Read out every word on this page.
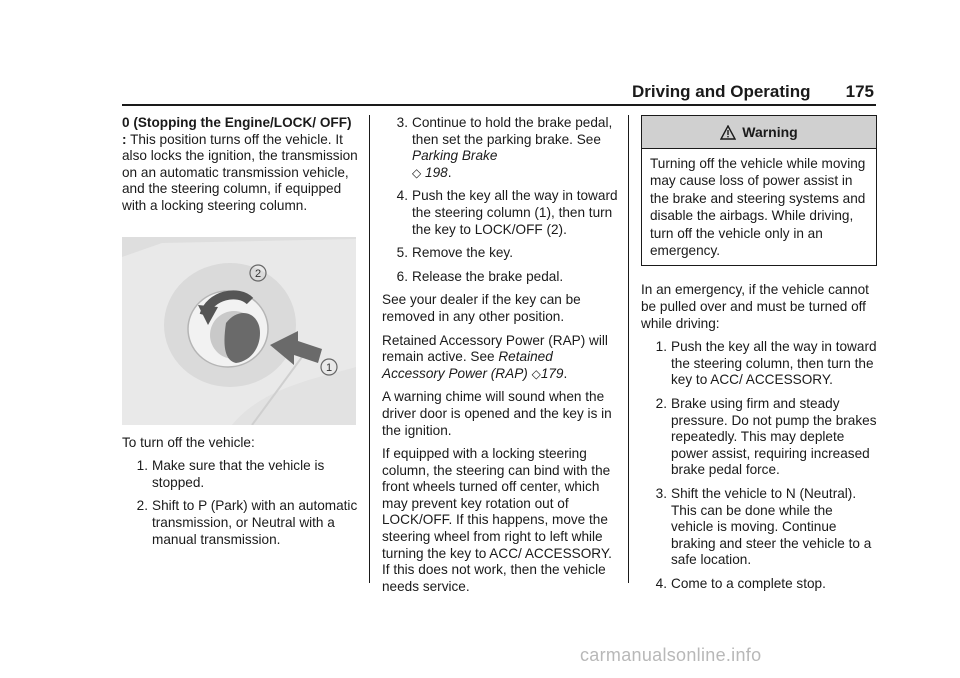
Driving and Operating 175

0 (Stopping the Engine/LOCK/ OFF) : This position turns off the vehicle. It also locks the ignition, the transmission on an automatic transmission vehicle, and the steering column, if equipped with a locking steering column.

2
1

To turn off the vehicle:

1. Make sure that the vehicle is stopped.
2. Shift to P (Park) with an automatic transmission, or Neutral with a manual transmission.
3. Continue to hold the brake pedal, then set the parking brake. See Parking Brake
◇ 198.
4. Push the key all the way in toward the steering column (1), then turn the key to LOCK/OFF (2).
5. Remove the key.
6. Release the brake pedal.

See your dealer if the key can be removed in any other position.

Retained Accessory Power (RAP) will remain active. See Retained Accessory Power (RAP) ◇179.

A warning chime will sound when the driver door is opened and the key is in the ignition.

If equipped with a locking steering column, the steering can bind with the front wheels turned off center, which may prevent key rotation out of LOCK/OFF. If this happens, move the steering wheel from right to left while turning the key to ACC/ ACCESSORY. If this does not work, then the vehicle needs service.

Warning
Turning off the vehicle while moving may cause loss of power assist in the brake and steering systems and disable the airbags. While driving, turn off the vehicle only in an emergency.

In an emergency, if the vehicle cannot be pulled over and must be turned off while driving:

1. Push the key all the way in toward the steering column, then turn the key to ACC/ ACCESSORY.
2. Brake using firm and steady pressure. Do not pump the brakes repeatedly. This may deplete power assist, requiring increased brake pedal force.
3. Shift the vehicle to N (Neutral). This can be done while the vehicle is moving. Continue braking and steer the vehicle to a safe location.
4. Come to a complete stop.
carmanualsonline.info
